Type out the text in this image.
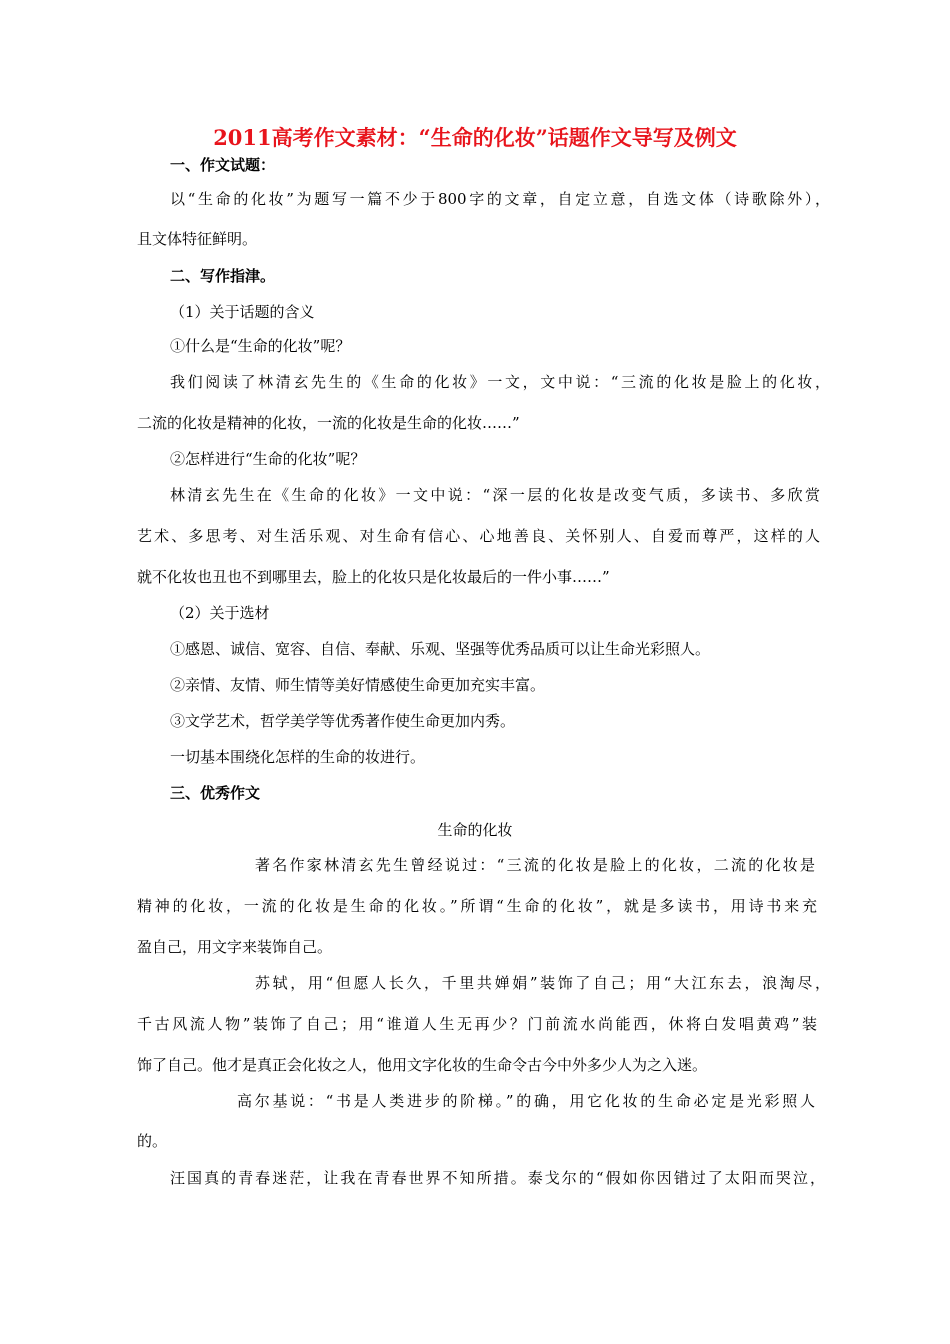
2011高考作文素材：“生命的化妆”话题作文导写及例文
一、作文试题：
以“生命的化妆”为题写一篇不少于800字的文章，自定立意，自选文体（诗歌除外），
且文体特征鲜明。
二、写作指津。
（1）关于话题的含义
①什么是“生命的化妆”呢？
我们阅读了林清玄先生的《生命的化妆》一文，文中说：“三流的化妆是脸上的化妆，
二流的化妆是精神的化妆，一流的化妆是生命的化妆……”
②怎样进行“生命的化妆”呢？
林清玄先生在《生命的化妆》一文中说：“深一层的化妆是改变气质，多读书、多欣赏
艺术、多思考、对生活乐观、对生命有信心、心地善良、关怀别人、自爱而尊严，这样的人
就不化妆也丑也不到哪里去，脸上的化妆只是化妆最后的一件小事……”
（2）关于选材
①感恩、诚信、宽容、自信、奉献、乐观、坚强等优秀品质可以让生命光彩照人。
②亲情、友情、师生情等美好情感使生命更加充实丰富。
③文学艺术，哲学美学等优秀著作使生命更加内秀。
一切基本围绕化怎样的生命的妆进行。
三、优秀作文
生命的化妆
著名作家林清玄先生曾经说过：“三流的化妆是脸上的化妆，二流的化妆是
精神的化妆，一流的化妆是生命的化妆。”所谓“生命的化妆”，就是多读书，用诗书来充
盈自己，用文字来装饰自己。
苏轼，用“但愿人长久，千里共婵娟”装饰了自己；用“大江东去，浪淘尽，
千古风流人物”装饰了自己；用“谁道人生无再少？门前流水尚能西，休将白发唱黄鸡”装
饰了自己。他才是真正会化妆之人，他用文字化妆的生命令古今中外多少人为之入迷。
高尔基说：“书是人类进步的阶梯。”的确，用它化妆的生命必定是光彩照人
的。
汪国真的青春迷茫，让我在青春世界不知所措。泰戈尔的“假如你因错过了太阳而哭泣，
